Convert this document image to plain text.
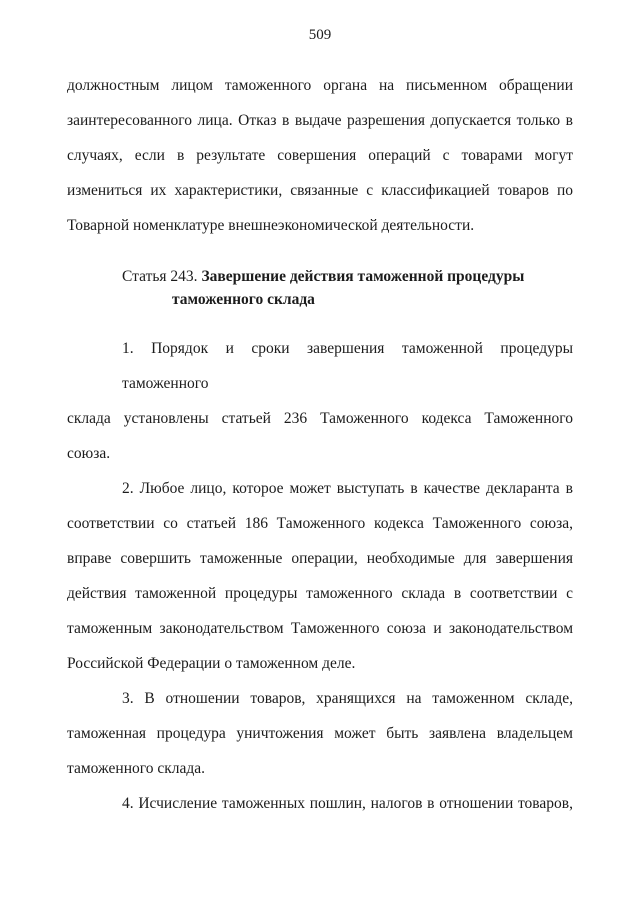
509
должностным лицом таможенного органа на письменном обращении
заинтересованного лица. Отказ в выдаче разрешения допускается только в
случаях, если в результате совершения операций с товарами могут
измениться их характеристики, связанные с классификацией товаров по
Товарной номенклатуре внешнеэкономической деятельности.
Статья 243. Завершение действия таможенной процедуры
таможенного склада
1. Порядок и сроки завершения таможенной процедуры таможенного
склада установлены статьей 236 Таможенного кодекса Таможенного
союза.
2. Любое лицо, которое может выступать в качестве декларанта в
соответствии со статьей 186 Таможенного кодекса Таможенного союза,
вправе совершить таможенные операции, необходимые для завершения
действия таможенной процедуры таможенного склада в соответствии с
таможенным законодательством Таможенного союза и законодательством
Российской Федерации о таможенном деле.
3. В отношении товаров, хранящихся на таможенном складе,
таможенная процедура уничтожения может быть заявлена владельцем
таможенного склада.
4. Исчисление таможенных пошлин, налогов в отношении товаров,
